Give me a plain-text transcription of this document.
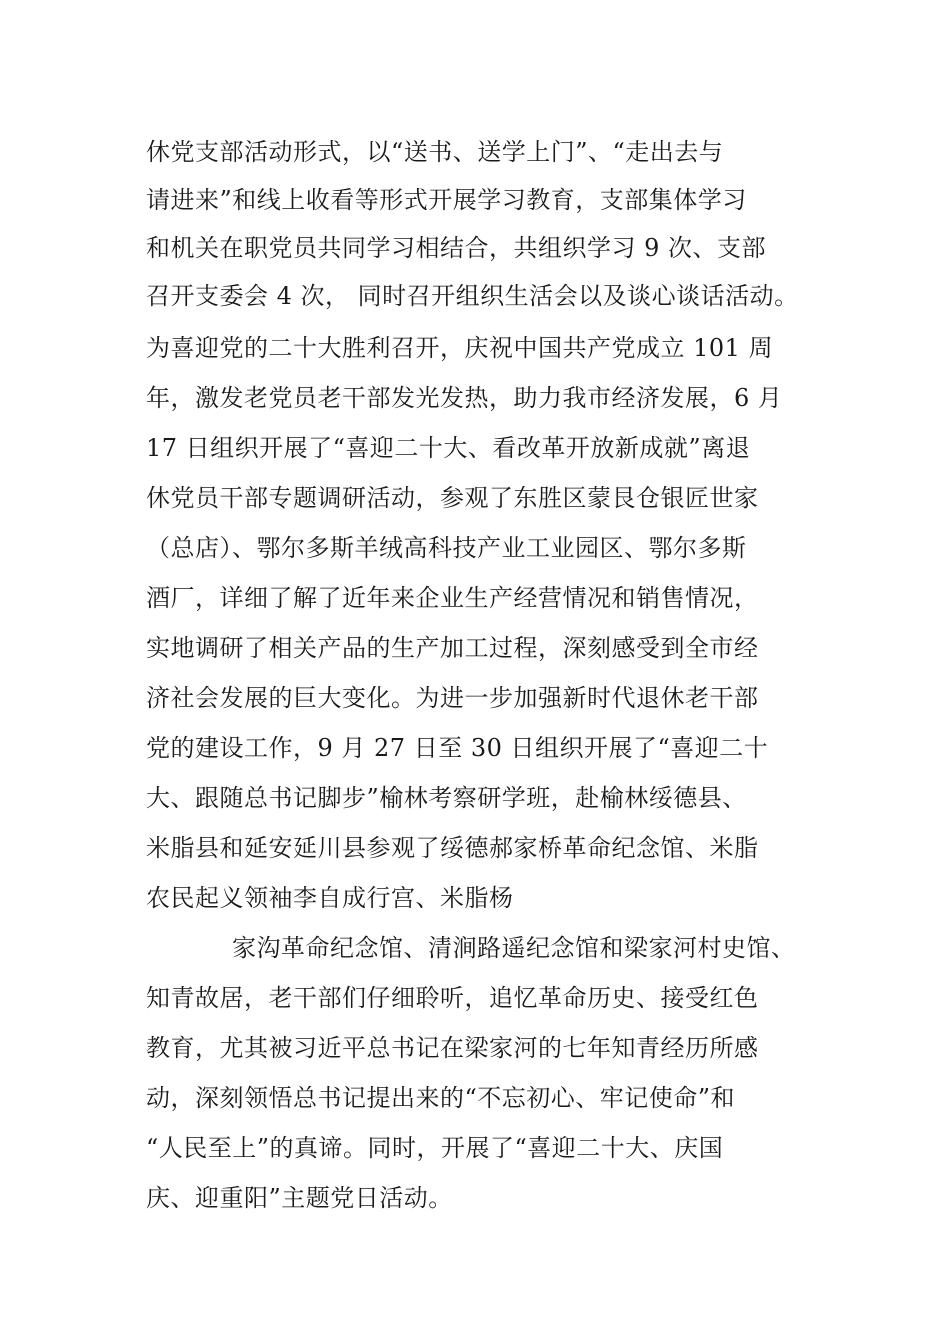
休党支部活动形式，以“送书、送学上门”、“走出去与

请进来”和线上收看等形式开展学习教育，支部集体学习

和机关在职党员共同学习相结合，共组织学习 9 次、支部

召开支委会 4 次， 同时召开组织生活会以及谈心谈话活动。

为喜迎党的二十大胜利召开，庆祝中国共产党成立 101 周

年，激发老党员老干部发光发热，助力我市经济发展，6 月

17 日组织开展了“喜迎二十大、看改革开放新成就”离退

休党员干部专题调研活动，参观了东胜区蒙艮仓银匠世家

（总店）、鄂尔多斯羊绒高科技产业工业园区、鄂尔多斯

酒厂，详细了解了近年来企业生产经营情况和销售情况，

实地调研了相关产品的生产加工过程，深刻感受到全市经

济社会发展的巨大变化。为进一步加强新时代退休老干部

党的建设工作，9 月 27 日至 30 日组织开展了“喜迎二十

大、跟随总书记脚步”榆林考察研学班，赴榆林绥德县、

米脂县和延安延川县参观了绥德郝家桥革命纪念馆、米脂

农民起义领袖李自成行宫、米脂杨

家沟革命纪念馆、清涧路遥纪念馆和梁家河村史馆、

知青故居，老干部们仔细聆听，追忆革命历史、接受红色

教育，尤其被习近平总书记在梁家河的七年知青经历所感

动，深刻领悟总书记提出来的“不忘初心、牢记使命”和

“人民至上”的真谛。同时，开展了“喜迎二十大、庆国

庆、迎重阳”主题党日活动。
